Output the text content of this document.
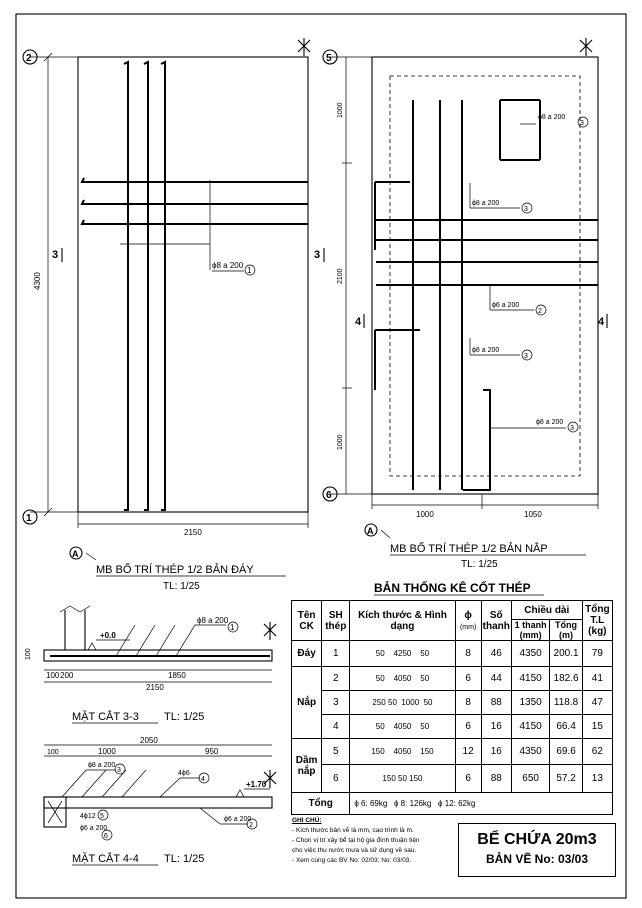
4300
2
1
3	3
ϕ8 a 200
1
2150
A
MB BỐ TRÍ THÉP 1/2 BẢN ĐÁY
TL: 1/25
1000
2100
1000
5
6
4	4
ϕ8 a 200
3
ϕ8 a 200
3
ϕ6 a 200
2
ϕ8 a 200
3
ϕ8 a 200
3
1000	1050
A
MB BỐ TRÍ THÉP 1/2 BẢN NẮP
TL: 1/25
+0.0
ϕ8 a 200
1
100
100 200	1850
2150
MẶT CẮT 3-3 TL: 1/25
2050
100	1000	950
ϕ8 a 200
3	4ϕ6
4
+1.70
4ϕ12 5
ϕ6 a 200
6
ϕ6 a 200
2
MẶT CẮT 4-4 TL: 1/25
BẢN THỐNG KÊ CỐT THÉP
Tên CK	SH thép	Kích thước & Hình dạng	ϕ
(mm)	Số thanh	Chiều dài		Tổng T.L (kg)
					1 thanh (mm)	Tổng (m)	
Đáy	1	50 4250 50	8	46	4350	200.1	79
Nắp	2	50 4050 50	6	44	4150	182.6	41
	3	250 50 1000 50	8	88	1350	118.8	47
	4	50 4050 50	6	16	4150	66.4	15
Dầm nắp	5	150 4050 150	12	16	4350	69.6	62
	6	150 50 150	6	88	650	57.2	13
Tổng		ϕ 6: 69kg ϕ 8: 126kg ϕ 12: 62kg					
GHI CHÚ:
- Kích thước bản vẽ là mm, cao trình là m.
- Chọn vị trí xây bể tại hộ gia đình thuận tiện
cho việc thu nước mưa và sử dụng về sau.
- Xem cùng các BV No: 02/03; No: 03/03.
BỂ CHỨA 20m3
BẢN VẼ No: 03/03
